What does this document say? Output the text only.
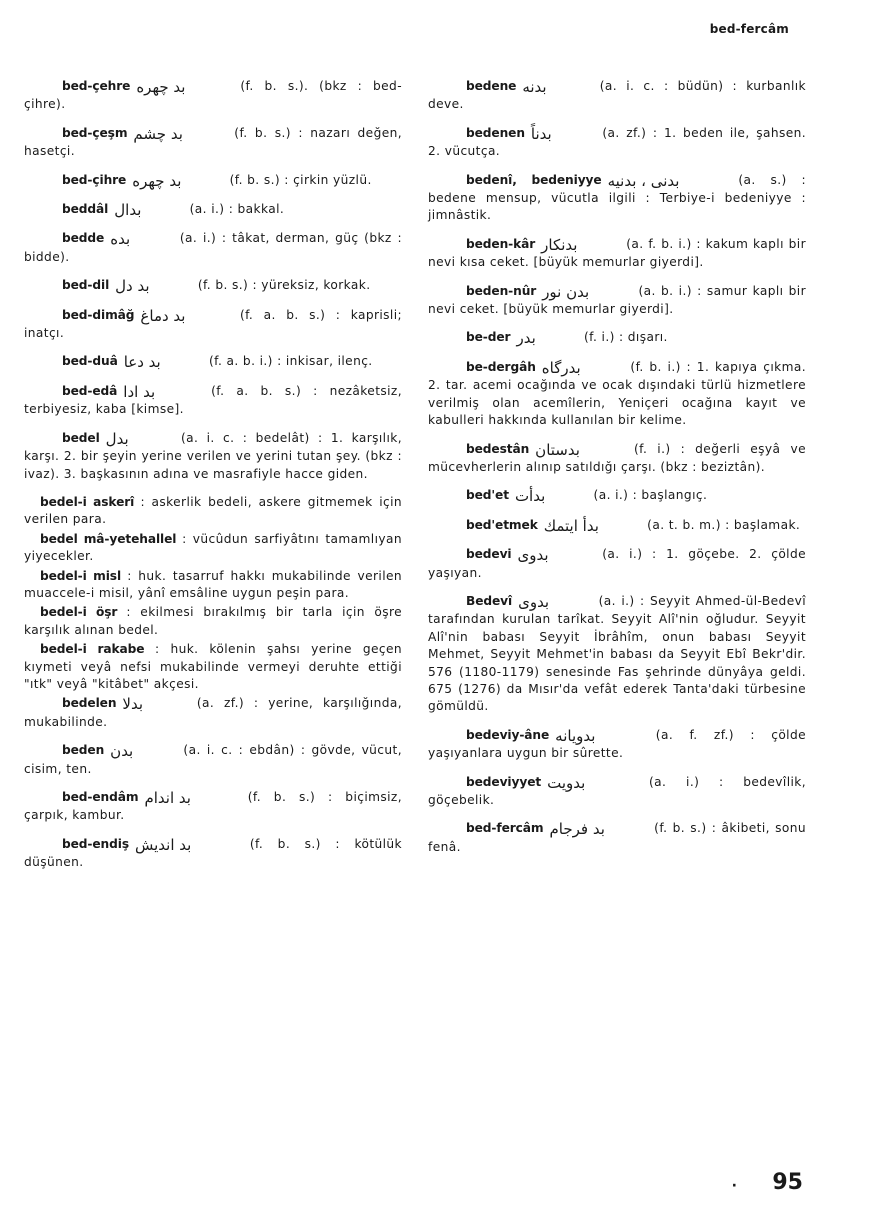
bed-fercâm
bed-çehre بد چهره	(f. b. s.). (bkz : bed-çihre).
bed-çeşm بد چشم	(f. b. s.) : nazarı değen, hasetçi.
bed-çihre بد چهره	(f. b. s.) : çirkin yüzlü.
beddâl بدال	(a. i.) : bakkal.
bedde بده	(a. i.) : tâkat, derman, güç (bkz : bidde).
bed-dil بد دل	(f. b. s.) : yüreksiz, korkak.
bed-dimâğ بد دماغ	(f. a. b. s.) : kaprisli; inatçı.
bed-duâ بد دعا	(f. a. b. i.) : inkisar, ilenç.
bed-edâ بد ادا	(f. a. b. s.) : nezâketsiz, terbiyesiz, kaba [kimse].
bedel بدل	(a. i. c. : bedelât) : 1. karşılık, karşı. 2. bir şeyin yerine verilen ve yerini tutan şey. (bkz : ivaz). 3. başkasının adına ve masrafiyle hacce giden.
bedel-i askerî : askerlik bedeli, askere gitmemek için verilen para.
bedel mâ-yetehallel : vücûdun sarfiyâtını tamamlıyan yiyecekler.
bedel-i misl : huk. tasarruf hakkı mukabilinde verilen muaccele-i misil, yânî emsâline uygun peşin para.
bedel-i öşr : ekilmesi bırakılmış bir tarla için öşre karşılık alınan bedel.
bedel-i rakabe : huk. kölenin şahsı yerine geçen kıymeti veyâ nefsi mukabilinde vermeyi deruhte ettiği "ıtk" veyâ "kitâbet" akçesi.
bedelen بدلا	(a. zf.) : yerine, karşılığında, mukabilinde.
beden بدن	(a. i. c. : ebdân) : gövde, vücut, cisim, ten.
bed-endâm بد اندام	(f. b. s.) : biçimsiz, çarpık, kambur.
bed-endiş بد اندیش	(f. b. s.) : kötülük düşünen.
bedene بدنه	(a. i. c. : büdün) : kurbanlık deve.
bedenen بدناً	(a. zf.) : 1. beden ile, şahsen. 2. vücutça.
bedenî, bedeniyye بدنی ، بدنیه	(a. s.) : bedene mensup, vücutla ilgili : Terbiye-i bedeniyye : jimnâstik.
beden-kâr بدنکار	(a. f. b. i.) : kakum kaplı bir nevi kısa ceket. [büyük memurlar giyerdi].
beden-nûr بدن نور	(a. b. i.) : samur kaplı bir nevi ceket. [büyük memurlar giyerdi].
be-der بدر	(f. i.) : dışarı.
be-dergâh بدرگاه	(f. b. i.) : 1. kapıya çıkma. 2. tar. acemi ocağında ve ocak dışındaki türlü hizmetlere verilmiş olan acemîlerin, Yeniçeri ocağına kayıt ve kabulleri hakkında kullanılan bir kelime.
bedestân بدستان	(f. i.) : değerli eşyâ ve mücevherlerin alınıp satıldığı çarşı. (bkz : beziztân).
bed'et بدأت	(a. i.) : başlangıç.
bed'etmek بدأ ایتمك	(a. t. b. m.) : başlamak.
bedevi بدوی	(a. i.) : 1. göçebe. 2. çölde yaşıyan.
Bedevî بدوی	(a. i.) : Seyyit Ahmed-ül-Bedevî tarafından kurulan tarîkat. Seyyit Alî'nin oğludur. Seyyit Alî'nin babası Seyyit İbrâhîm, onun babası Seyyit Mehmet, Seyyit Mehmet'in babası da Seyyit Ebî Bekr'dir. 576 (1180-1179) senesinde Fas şehrinde dünyâya geldi. 675 (1276) da Mısır'da vefât ederek Tanta'daki türbesine gömüldü.
bedeviy-âne بدویانه	(a. f. zf.) : çölde yaşıyanlara uygun bir sûrette.
bedeviyyet بدویت	(a. i.) : bedevîlik, göçebelik.
bed-fercâm بد فرجام	(f. b. s.) : âkibeti, sonu fenâ.
· 95
